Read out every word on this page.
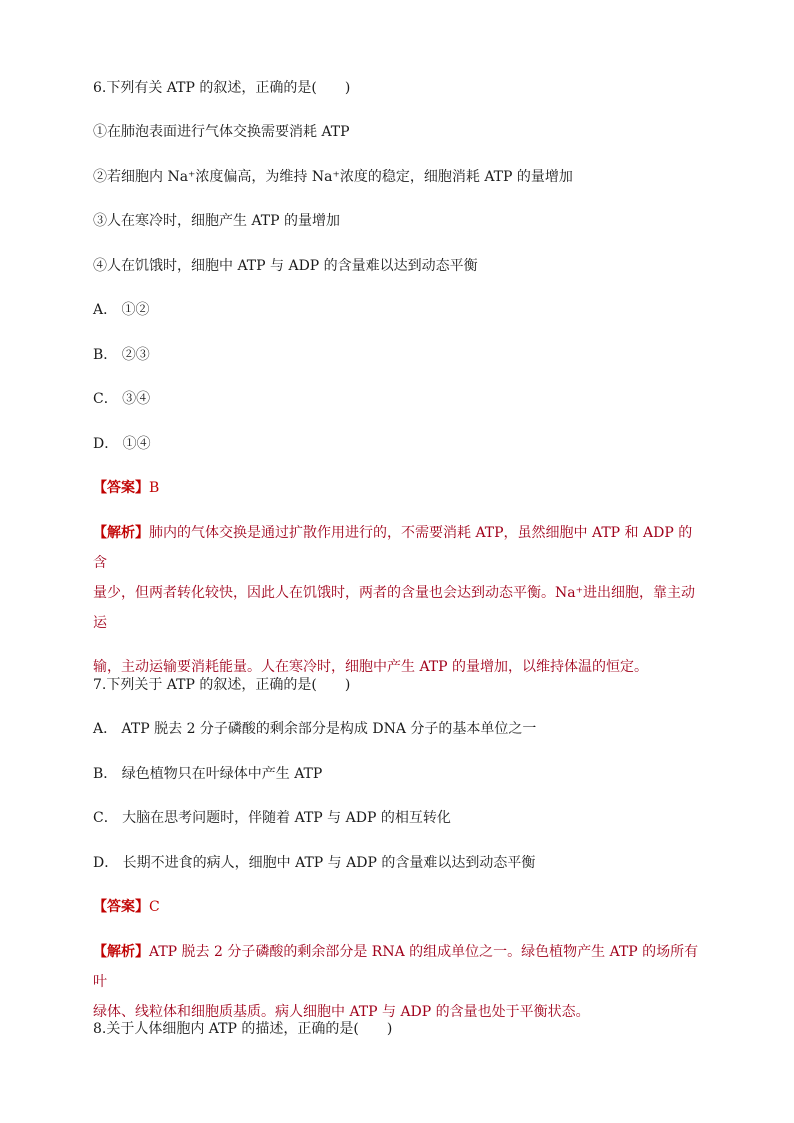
6.下列有关 ATP 的叙述，正确的是(　　)
①在肺泡表面进行气体交换需要消耗 ATP
②若细胞内 Na⁺浓度偏高，为维持 Na⁺浓度的稳定，细胞消耗 ATP 的量增加
③人在寒冷时，细胞产生 ATP 的量增加
④人在饥饿时，细胞中 ATP 与 ADP 的含量难以达到动态平衡
A． ①②
B． ②③
C． ③④
D． ①④
【答案】B
【解析】肺内的气体交换是通过扩散作用进行的，不需要消耗 ATP，虽然细胞中 ATP 和 ADP 的含
量少，但两者转化较快，因此人在饥饿时，两者的含量也会达到动态平衡。Na⁺进出细胞，靠主动
运
输，主动运输要消耗能量。人在寒冷时，细胞中产生 ATP 的量增加，以维持体温的恒定。
7.下列关于 ATP 的叙述，正确的是(　　)
A． ATP 脱去 2 分子磷酸的剩余部分是构成 DNA 分子的基本单位之一
B． 绿色植物只在叶绿体中产生 ATP
C． 大脑在思考问题时，伴随着 ATP 与 ADP 的相互转化
D． 长期不进食的病人，细胞中 ATP 与 ADP 的含量难以达到动态平衡
【答案】C
【解析】ATP 脱去 2 分子磷酸的剩余部分是 RNA 的组成单位之一。绿色植物产生 ATP 的场所有叶
绿体、线粒体和细胞质基质。病人细胞中 ATP 与 ADP 的含量也处于平衡状态。
8.关于人体细胞内 ATP 的描述，正确的是(　　)
